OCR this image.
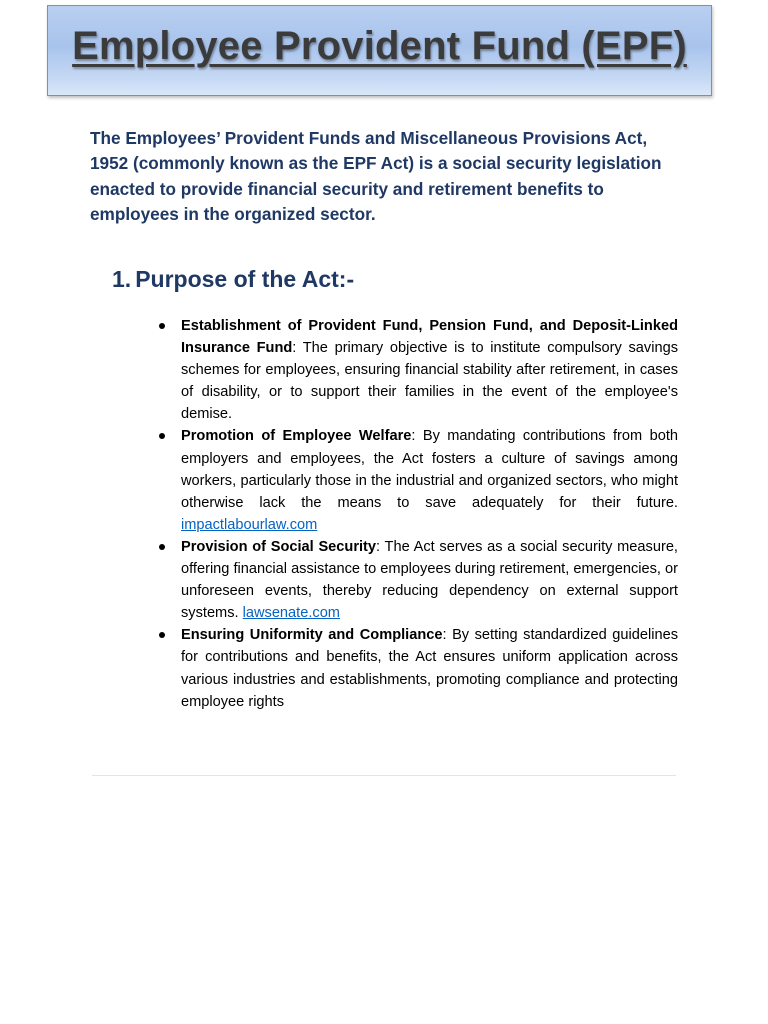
Employee Provident Fund (EPF)

The Employees’ Provident Funds and Miscellaneous Provisions Act, 1952 (commonly known as the EPF Act) is a social security legislation enacted to provide financial security and retirement benefits to employees in the organized sector.

1. Purpose of the Act:-
Establishment of Provident Fund, Pension Fund, and Deposit-Linked Insurance Fund: The primary objective is to institute compulsory savings schemes for employees, ensuring financial stability after retirement, in cases of disability, or to support their families in the event of the employee's demise.
Promotion of Employee Welfare: By mandating contributions from both employers and employees, the Act fosters a culture of savings among workers, particularly those in the industrial and organized sectors, who might otherwise lack the means to save adequately for their future. impactlabourlaw.com
Provision of Social Security: The Act serves as a social security measure, offering financial assistance to employees during retirement, emergencies, or unforeseen events, thereby reducing dependency on external support systems. lawsenate.com
Ensuring Uniformity and Compliance: By setting standardized guidelines for contributions and benefits, the Act ensures uniform application across various industries and establishments, promoting compliance and protecting employee rights
